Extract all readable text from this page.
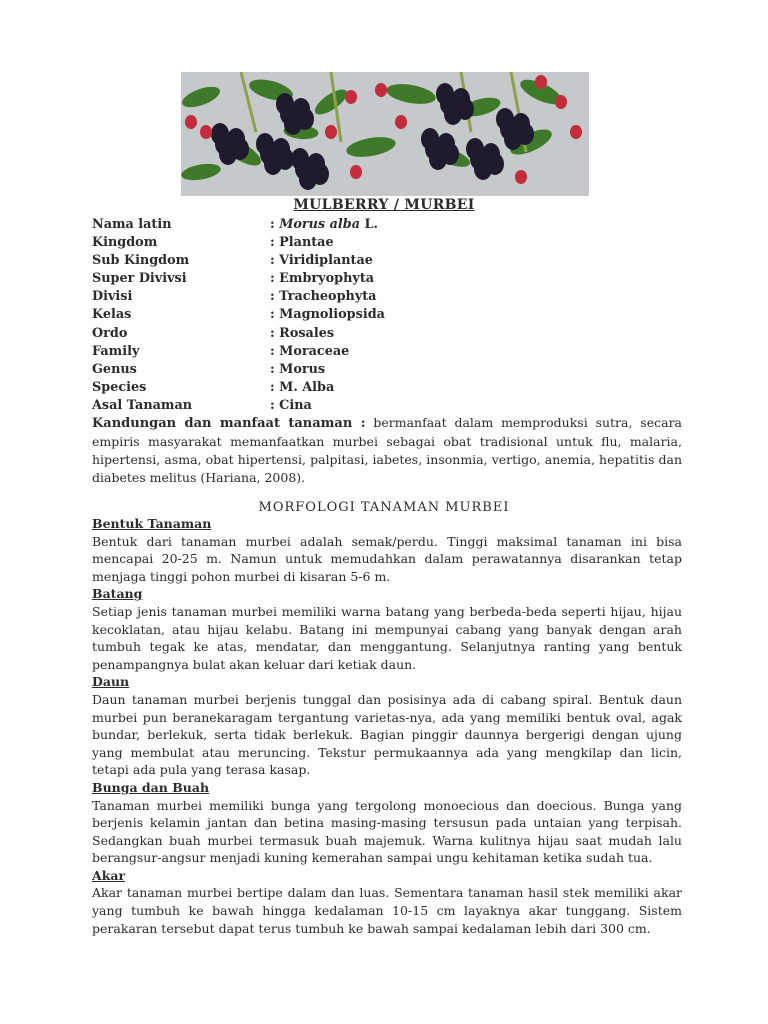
MULBERRY / MURBEI
Nama latin	: Morus alba L.
Kingdom	: Plantae
Sub Kingdom	: Viridiplantae
Super Divivsi	: Embryophyta
Divisi	: Tracheophyta
Kelas	: Magnoliopsida
Ordo	: Rosales
Family	: Moraceae
Genus	: Morus
Species	: M. Alba
Asal Tanaman	: Cina
Kandungan dan manfaat tanaman : bermanfaat dalam memproduksi sutra, secara empiris masyarakat memanfaatkan murbei sebagai obat tradisional untuk flu, malaria, hipertensi, asma, obat hipertensi, palpitasi, iabetes, insonmia, vertigo, anemia, hepatitis dan diabetes melitus (Hariana, 2008).
MORFOLOGI TANAMAN MURBEI
Bentuk Tanaman
Bentuk dari tanaman murbei adalah semak/perdu. Tinggi maksimal tanaman ini bisa mencapai 20-25 m. Namun untuk memudahkan dalam perawatannya disarankan tetap menjaga tinggi pohon murbei di kisaran 5-6 m.
Batang
Setiap jenis tanaman murbei memiliki warna batang yang berbeda-beda seperti hijau, hijau kecoklatan, atau hijau kelabu. Batang ini mempunyai cabang yang banyak dengan arah tumbuh tegak ke atas, mendatar, dan menggantung. Selanjutnya ranting yang bentuk penampangnya bulat akan keluar dari ketiak daun.
Daun
Daun tanaman murbei berjenis tunggal dan posisinya ada di cabang spiral. Bentuk daun murbei pun beranekaragam tergantung varietas-nya, ada yang memiliki bentuk oval, agak bundar, berlekuk, serta tidak berlekuk. Bagian pinggir daunnya bergerigi dengan ujung yang membulat atau meruncing. Tekstur permukaannya ada yang mengkilap dan licin, tetapi ada pula yang terasa kasap.
Bunga dan Buah
Tanaman murbei memiliki bunga yang tergolong monoecious dan doecious. Bunga yang berjenis kelamin jantan dan betina masing-masing tersusun pada untaian yang terpisah. Sedangkan buah murbei termasuk buah majemuk. Warna kulitnya hijau saat mudah lalu berangsur-angsur menjadi kuning kemerahan sampai ungu kehitaman ketika sudah tua.
Akar
Akar tanaman murbei bertipe dalam dan luas. Sementara tanaman hasil stek memiliki akar yang tumbuh ke bawah hingga kedalaman 10-15 cm layaknya akar tunggang. Sistem perakaran tersebut dapat terus tumbuh ke bawah sampai kedalaman lebih dari 300 cm.
